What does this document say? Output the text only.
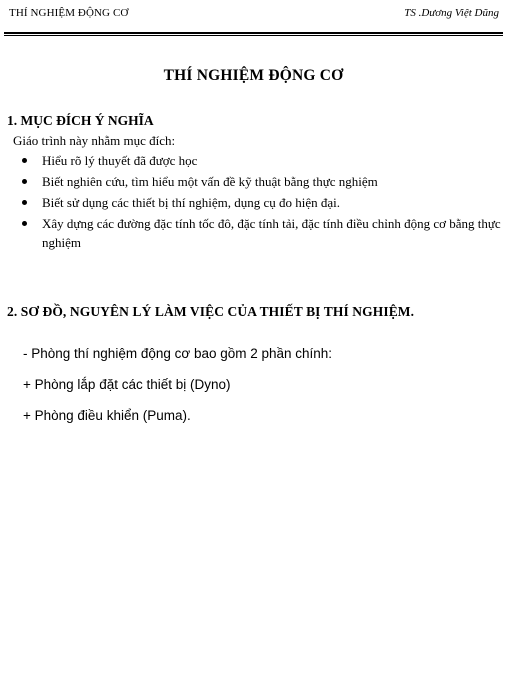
THÍ NGHIỆM ĐỘNG CƠ	TS .Dương Việt Dũng
THÍ NGHIỆM ĐỘNG CƠ
1. MỤC ĐÍCH Ý NGHĨA
Giáo trình này nhằm mục đích:
Hiểu rõ lý thuyết đã được học
Biết nghiên cứu, tìm hiểu một vấn đề kỹ thuật bằng thực nghiệm
Biết sử dụng các thiết bị thí nghiệm, dụng cụ đo hiện đại.
Xây dựng các đường đặc tính tốc đô, đặc tính tải, đặc tính điều chỉnh động cơ bằng thực nghiệm
2. SƠ ĐỒ, NGUYÊN LÝ LÀM VIỆC CỦA THIẾT BỊ THÍ NGHIỆM.
- Phòng thí nghiệm động cơ bao gồm 2 phần chính:
+ Phòng lắp đặt các thiết bị (Dyno)
+ Phòng điều khiển (Puma).
